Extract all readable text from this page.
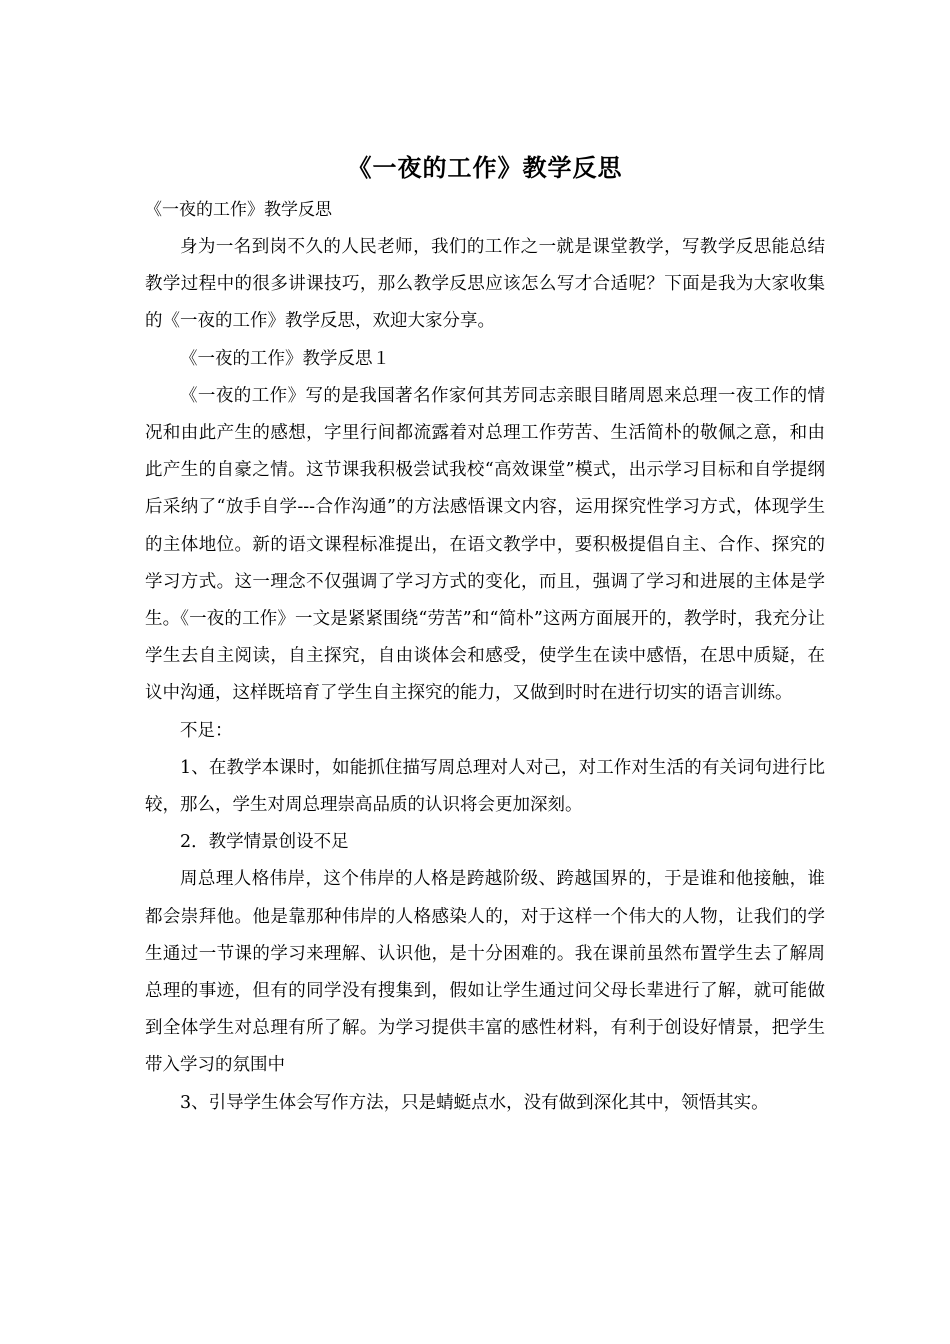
《一夜的工作》教学反思

《一夜的工作》教学反思

身为一名到岗不久的人民老师，我们的工作之一就是课堂教学，写教学反思能总结教学过程中的很多讲课技巧，那么教学反思应该怎么写才合适呢？下面是我为大家收集的《一夜的工作》教学反思，欢迎大家分享。

《一夜的工作》教学反思１

《一夜的工作》写的是我国著名作家何其芳同志亲眼目睹周恩来总理一夜工作的情况和由此产生的感想，字里行间都流露着对总理工作劳苦、生活简朴的敬佩之意，和由此产生的自豪之情。这节课我积极尝试我校“高效课堂”模式，出示学习目标和自学提纲后采纳了“放手自学---合作沟通”的方法感悟课文内容，运用探究性学习方式，体现学生的主体地位。新的语文课程标准提出，在语文教学中，要积极提倡自主、合作、探究的学习方式。这一理念不仅强调了学习方式的变化，而且，强调了学习和进展的主体是学生。《一夜的工作》一文是紧紧围绕“劳苦”和“简朴”这两方面展开的，教学时，我充分让学生去自主阅读，自主探究，自由谈体会和感受，使学生在读中感悟，在思中质疑，在议中沟通，这样既培育了学生自主探究的能力，又做到时时在进行切实的语言训练。

不足：

1、在教学本课时，如能抓住描写周总理对人对己，对工作对生活的有关词句进行比较，那么，学生对周总理崇高品质的认识将会更加深刻。

2．教学情景创设不足

周总理人格伟岸，这个伟岸的人格是跨越阶级、跨越国界的，于是谁和他接触，谁都会崇拜他。他是靠那种伟岸的人格感染人的，对于这样一个伟大的人物，让我们的学生通过一节课的学习来理解、认识他，是十分困难的。我在课前虽然布置学生去了解周总理的事迹，但有的同学没有搜集到，假如让学生通过问父母长辈进行了解，就可能做到全体学生对总理有所了解。为学习提供丰富的感性材料，有利于创设好情景，把学生带入学习的氛围中

3、引导学生体会写作方法，只是蜻蜓点水，没有做到深化其中，领悟其实。
